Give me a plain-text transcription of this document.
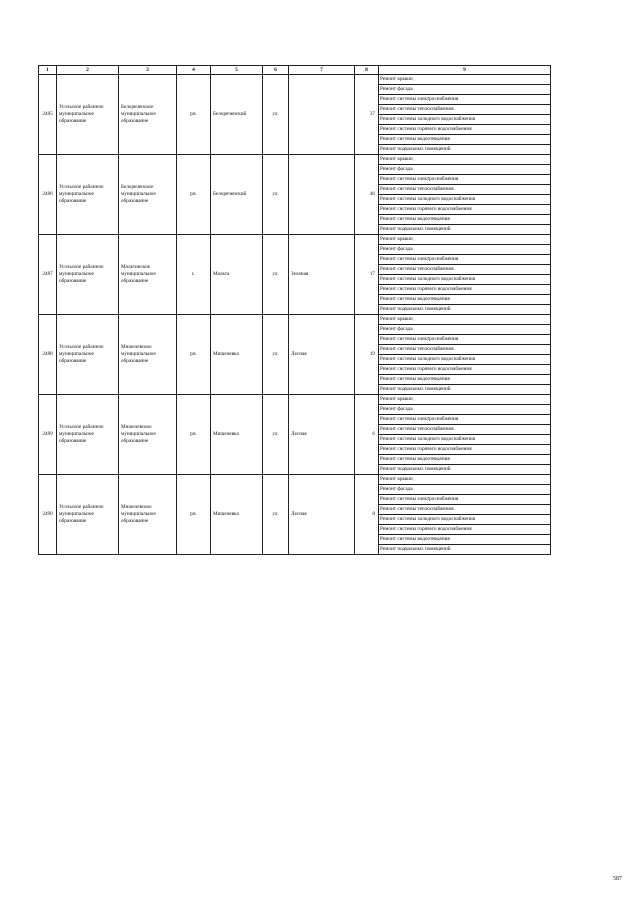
1	2	3	4	5	6	7	8	9
2485	Усольское районное муниципальное образование	Белореченское муниципальное образование	рп.	Белореченский	ул.		37	Ремонт крыши
								Ремонт фасада
								Ремонт системы электроснабжения
								Ремонт системы теплоснабжения
								Ремонт системы холодного водоснабжения
								Ремонт системы горячего водоснабжения
								Ремонт системы водоотведения
								Ремонт подвальных помещений
2486	Усольское районное муниципальное образование	Белореченское муниципальное образование	рп.	Белореченский	ул.		46	Ремонт крыши
								Ремонт фасада
								Ремонт системы электроснабжения
								Ремонт системы теплоснабжения
								Ремонт системы холодного водоснабжения
								Ремонт системы горячего водоснабжения
								Ремонт системы водоотведения
								Ремонт подвальных помещений
2487	Усольское районное муниципальное образование	Мальтинское муниципальное образование	с.	Мальта	ул.	Зеленая	17	Ремонт крыши
								Ремонт фасада
								Ремонт системы электроснабжения
								Ремонт системы теплоснабжения
								Ремонт системы холодного водоснабжения
								Ремонт системы горячего водоснабжения
								Ремонт системы водоотведения
								Ремонт подвальных помещений
2488	Усольское районное муниципальное образование	Мишелевское муниципальное образование	рп.	Мишелевка	ул.	Лесная	19	Ремонт крыши
								Ремонт фасада
								Ремонт системы электроснабжения
								Ремонт системы теплоснабжения
								Ремонт системы холодного водоснабжения
								Ремонт системы горячего водоснабжения
								Ремонт системы водоотведения
								Ремонт подвальных помещений
2489	Усольское районное муниципальное образование	Мишелевское муниципальное образование	рп.	Мишелевка	ул.	Лесная	6	Ремонт крыши
								Ремонт фасада
								Ремонт системы электроснабжения
								Ремонт системы теплоснабжения
								Ремонт системы холодного водоснабжения
								Ремонт системы горячего водоснабжения
								Ремонт системы водоотведения
								Ремонт подвальных помещений
2490	Усольское районное муниципальное образование	Мишелевское муниципальное образование	рп.	Мишелевка	ул.	Лесная	8	Ремонт крыши
								Ремонт фасада
								Ремонт системы электроснабжения
								Ремонт системы теплоснабжения
								Ремонт системы холодного водоснабжения
								Ремонт системы горячего водоснабжения
								Ремонт системы водоотведения
								Ремонт подвальных помещений
587
